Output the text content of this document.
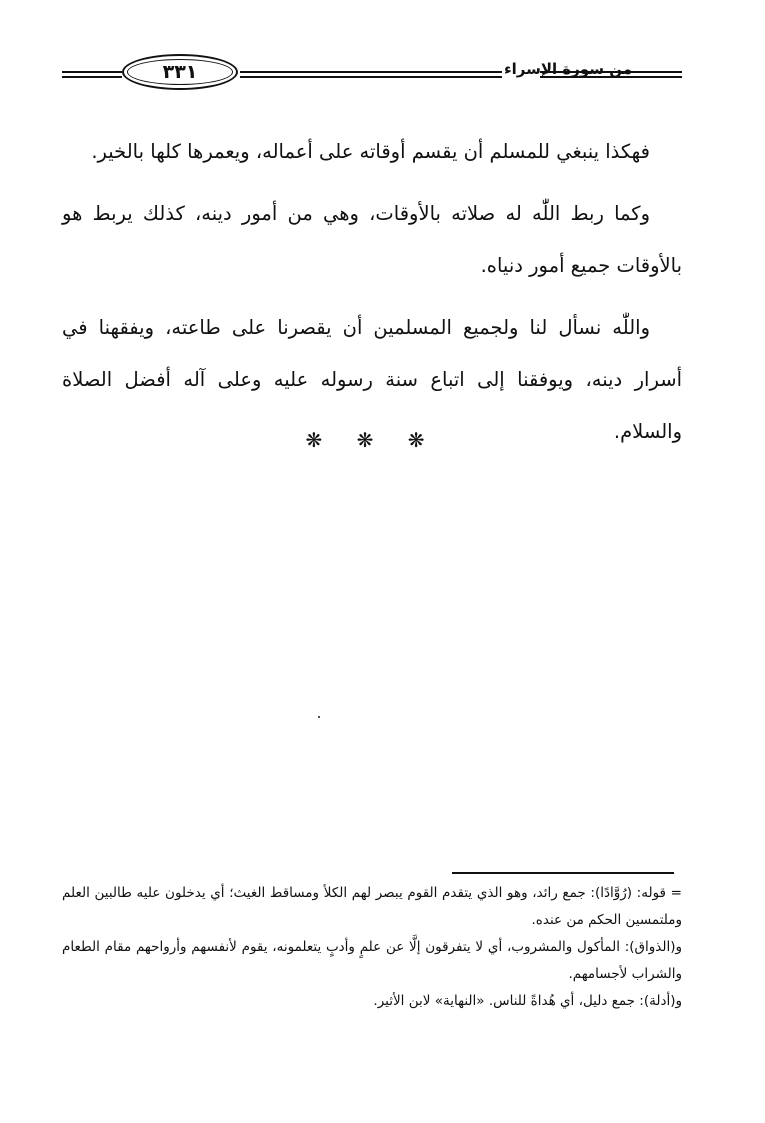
من سورة الإسراء
٣٣١

فهكذا ينبغي للمسلم أن يقسم أوقاته على أعماله، ويعمرها كلها بالخير.

وكما ربط اللّٰه له صلاته بالأوقات، وهي من أمور دينه، كذلك يربط هو بالأوقات جميع أمور دنياه.

واللّٰه نسأل لنا ولجميع المسلمين أن يقصرنا على طاعته، ويفقهنا في أسرار دينه، ويوفقنا إلى اتباع سنة رسوله عليه وعلى آله أفضل الصلاة والسلام.

❋ ❋ ❋

= قوله: (رُوَّادًا): جمع رائد، وهو الذي يتقدم القوم يبصر لهم الكلأ ومساقط الغيث؛ أي يدخلون عليه طالبين العلم وملتمسين الحكم من عنده.

و(الذواق): المأكول والمشروب، أي لا يتفرقون إلَّا عن علمٍ وأدبٍ يتعلمونه، يقوم لأنفسهم وأرواحهم مقام الطعام والشراب لأجسامهم.

و(أدلة): جمع دليل، أي هُداةً للناس. «النهاية» لابن الأثير.
